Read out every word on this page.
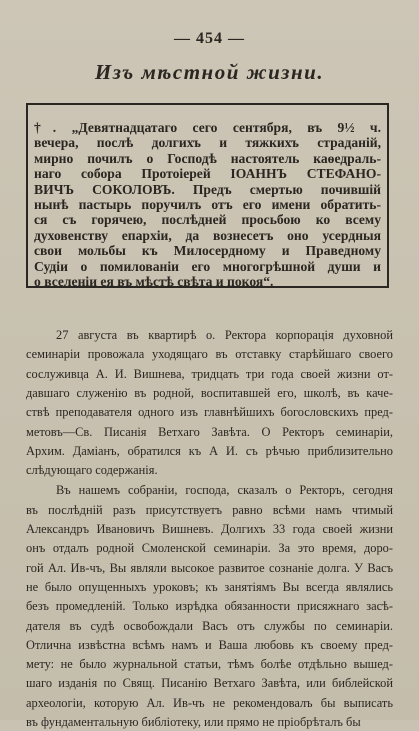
— 454 —
Изъ мѣстной жизни.
†. „Девятнадцатаго сего сентября, въ 9½ ч.
вечера, послѣ долгихъ и тяжкихъ страданій,
мирно почилъ о Господѣ настоятель каѳедраль-
наго собора Протоіерей ІОАННЪ СТЕФАНО-
ВИЧЪ СОКОЛОВЪ. Предъ смертью почившій
нынѣ пастырь поручилъ отъ его имени обратить-
ся съ горячею, послѣдней просьбою ко всему
духовенству епархіи, да вознесетъ оно усердныя
свои мольбы къ Милосердному и Праведному
Судіи о помилованіи его многогрѣшной души и
о вселеніи ея въ мѣстѣ свѣта и покоя“.
27 августа въ квартирѣ о. Ректора корпорація духовной
семинаріи провожала уходящаго въ отставку старѣйшаго своего
сослуживца А. И. Вишнева, тридцать три года своей жизни от-
давшаго служенію въ родной, воспитавшей его, школѣ, въ каче-
ствѣ преподавателя одного изъ главнѣйшихъ богословскихъ пред-
метовъ—Св. Писанія Ветхаго Завѣта. О Ректоръ семинаріи,
Архим. Даміанъ, обратился къ А И. съ рѣчью приблизительно
слѣдующаго содержанія.
Въ нашемъ собраніи, господа, сказалъ о Ректоръ, сегодня
въ послѣдній разъ присутствуетъ равно всѣми намъ чтимый
Александръ Ивановичъ Вишневъ. Долгихъ 33 года своей жизни
онъ отдалъ родной Смоленской семинаріи. За это время, доро-
гой Ал. Ив-чъ, Вы являли высокое развитое сознаніе долга. У Васъ
не было опущенныхъ уроковъ; къ занятіямъ Вы всегда являлись
безъ промедленій. Только изрѣдка обязанности присяжнаго засѣ-
дателя въ судѣ освобождали Васъ отъ службы по семинаріи.
Отлична извѣстна всѣмъ намъ и Ваша любовь къ своему пред-
мету: не было журнальной статьи, тѣмъ болѣе отдѣльно вышед-
шаго изданія по Свящ. Писанію Ветхаго Завѣта, или библейской
археологіи, которую Ал. Ив-чъ не рекомендовалъ бы выписать
въ фундаментальную библіотеку, или прямо не пріобрѣталъ бы
